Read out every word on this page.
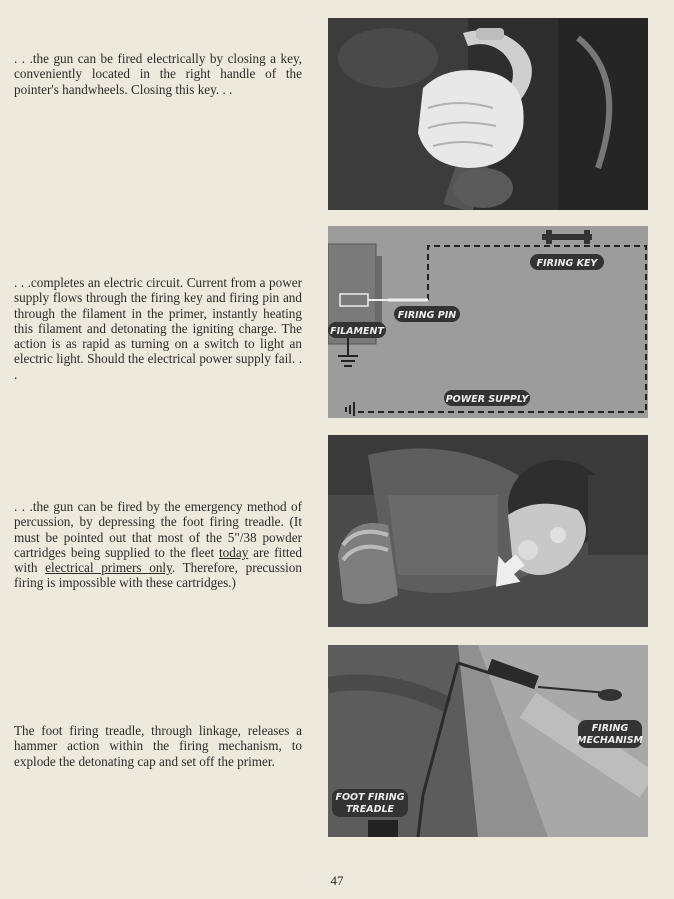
. . .the gun can be fired electrically by closing a key, conveniently located in the right handle of the pointer's handwheels. Closing this key. . .

. . .completes an electric circuit. Current from a power supply flows through the firing key and firing pin and through the filament in the primer, instantly heating this filament and detonating the igniting charge. The action is as rapid as turning on a switch to light an electric light. Should the electrical power supply fail. . .

. . .the gun can be fired by the emergency method of percussion, by depressing the foot firing treadle. (It must be pointed out that most of the 5"/38 powder cartridges being supplied to the fleet today are fitted with electrical primers only. Therefore, precussion firing is impossible with these cartridges.)

The foot firing treadle, through linkage, releases a hammer action within the firing mechanism, to explode the detonating cap and set off the primer.

FIRING KEY
FIRING PIN
FILAMENT
POWER SUPPLY
FIRING
MECHANISM
FOOT FIRING
TREADLE
47
